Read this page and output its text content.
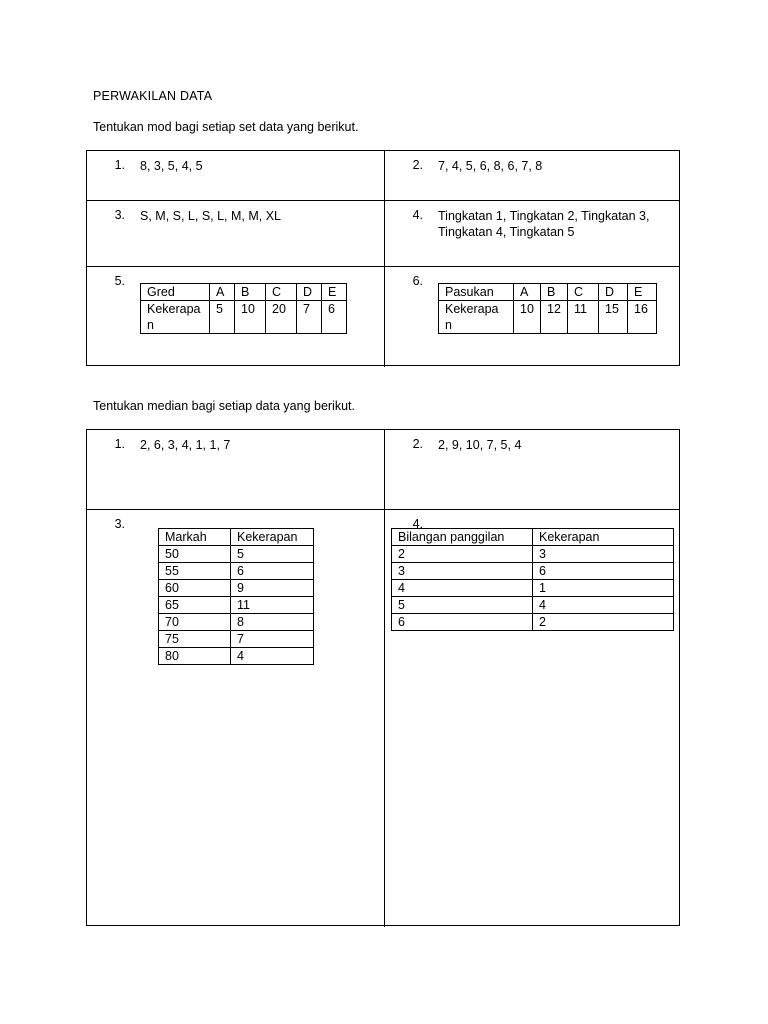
PERWAKILAN DATA
Tentukan mod bagi setiap set data yang berikut.
1. 8, 3, 5, 4, 5	2. 7, 4, 5, 6, 8, 6, 7, 8
3. S, M, S, L, S, L, M, M, XL	4. Tingkatan 1, Tingkatan 2, Tingkatan 3, Tingkatan 4, Tingkatan 5
5.
Gred	A	B	C	D	E
Kekerapa n	5	10	20	7	6
6.
Pasukan	A	B	C	D	E
Kekerapa n	10	12	11	15	16
Tentukan median bagi setiap data yang berikut.
1. 2, 6, 3, 4, 1, 1, 7	2. 2, 9, 10, 7, 5, 4
3.
Markah	Kekerapan
50	5
55	6
60	9
65	11
70	8
75	7
80	4
4.
Bilangan panggilan	Kekerapan
2	3
3	6
4	1
5	4
6	2
